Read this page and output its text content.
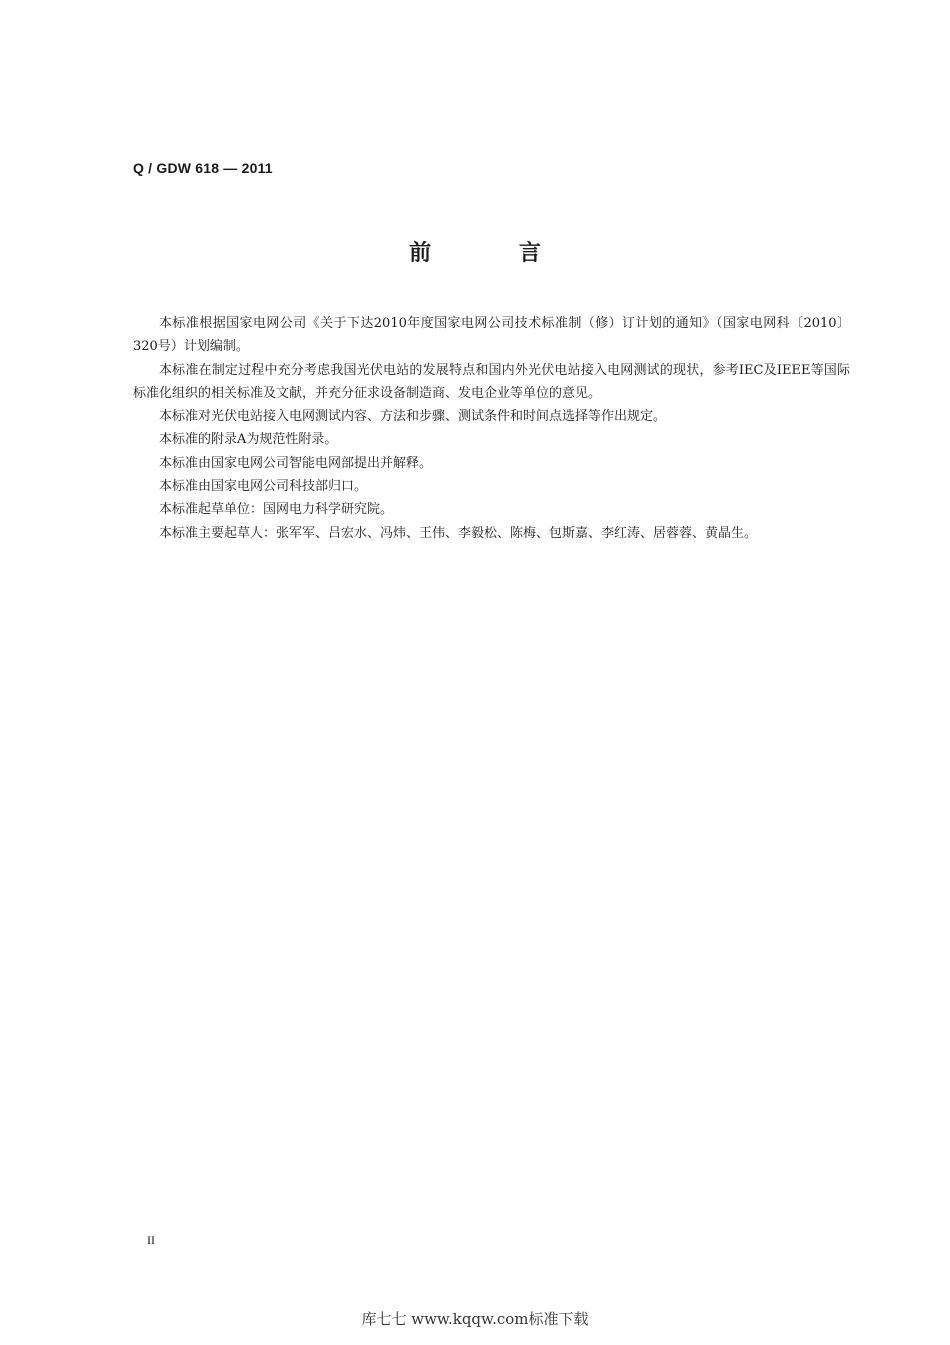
Q / GDW 618 — 2011
前 言

本标准根据国家电网公司《关于下达2010年度国家电网公司技术标准制（修）订计划的通知》（国家电网科〔2010〕320号）计划编制。

本标准在制定过程中充分考虑我国光伏电站的发展特点和国内外光伏电站接入电网测试的现状，参考IEC及IEEE等国际标准化组织的相关标准及文献，并充分征求设备制造商、发电企业等单位的意见。

本标准对光伏电站接入电网测试内容、方法和步骤、测试条件和时间点选择等作出规定。

本标准的附录A为规范性附录。

本标准由国家电网公司智能电网部提出并解释。

本标准由国家电网公司科技部归口。

本标准起草单位：国网电力科学研究院。

本标准主要起草人：张军军、吕宏水、冯炜、王伟、李毅松、陈梅、包斯嘉、李红涛、居蓉蓉、黄晶生。

II
库七七 www.kqqw.com标准下载
